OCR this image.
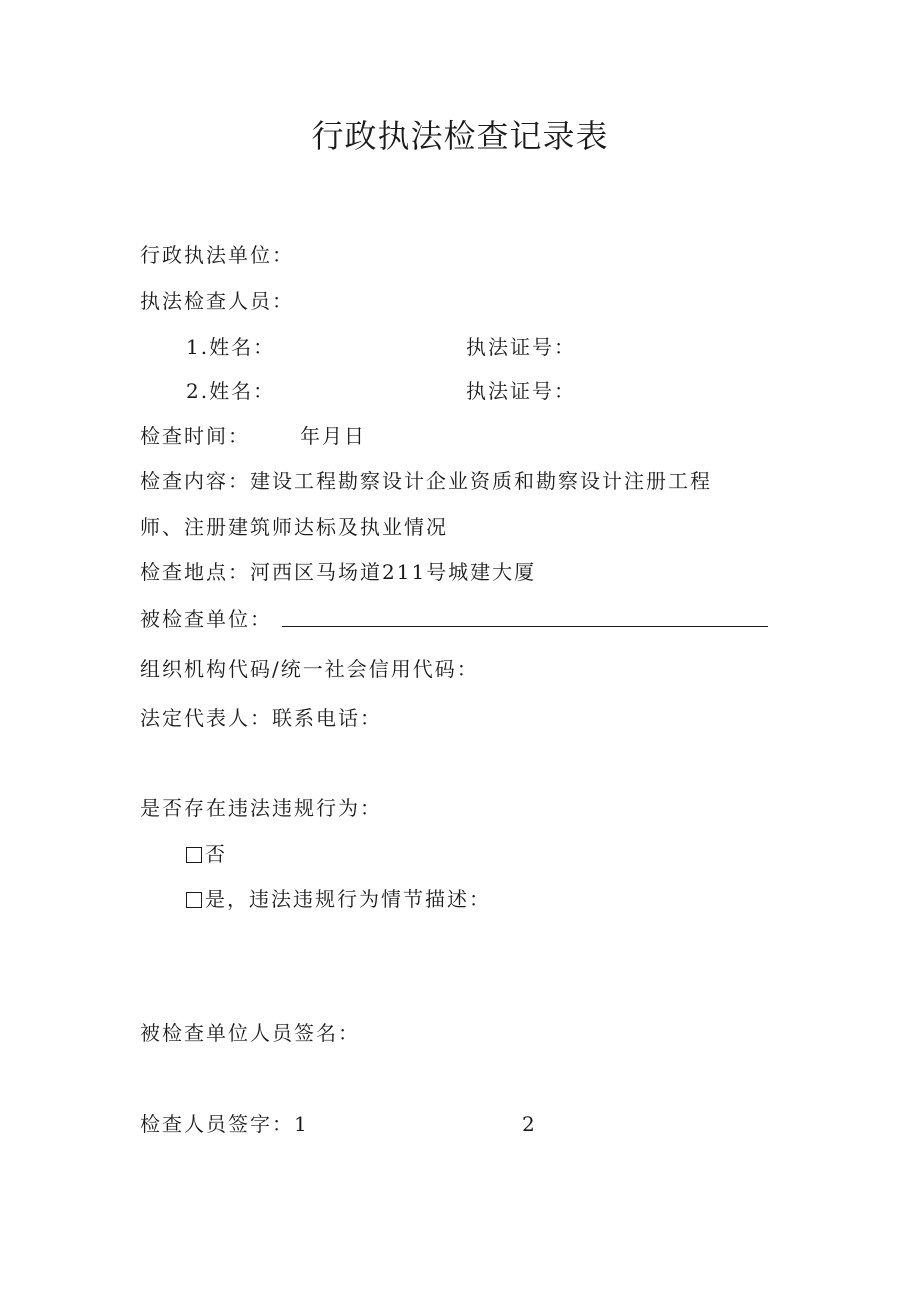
行政执法检查记录表
行政执法单位：
执法检查人员：
1.姓名：	执法证号：
2.姓名：	执法证号：
检查时间：	年月日
检查内容：建设工程勘察设计企业资质和勘察设计注册工程
师、注册建筑师达标及执业情况
检查地点：河西区马场道211号城建大厦
被检查单位：
组织机构代码/统一社会信用代码：
法定代表人：联系电话：
是否存在违法违规行为：
否
是，违法违规行为情节描述：
被检查单位人员签名：
检查人员签字：1	2
